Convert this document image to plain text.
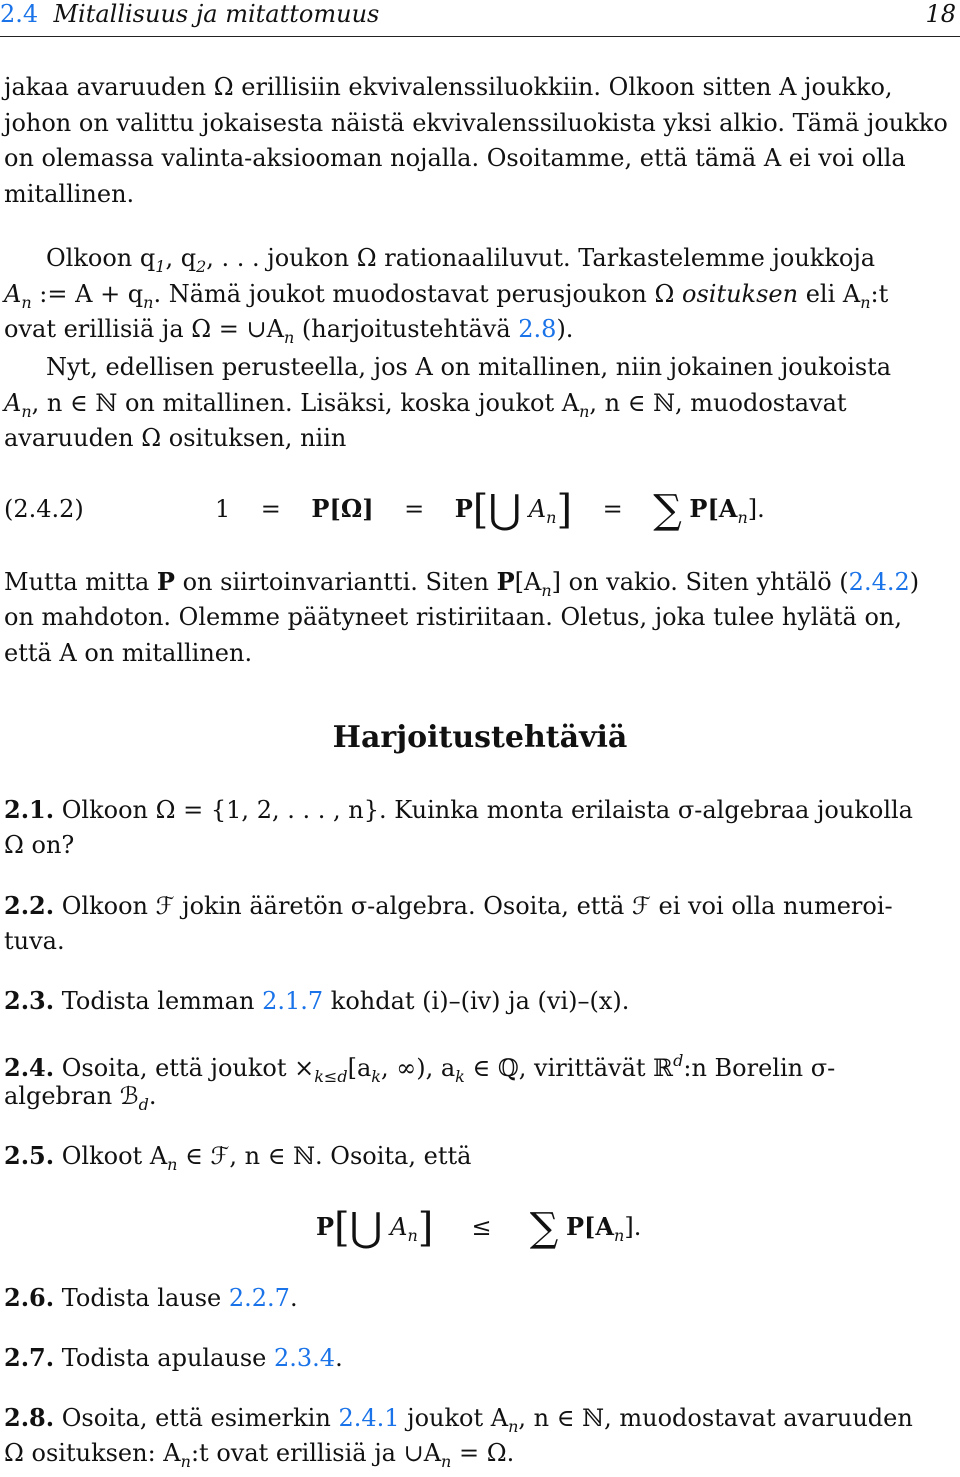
2.4 Mitallisuus ja mitattomuus	18
jakaa avaruuden Ω erillisiin ekvivalenssiluokkiin. Olkoon sitten A joukko,
johon on valittu jokaisesta näistä ekvivalenssiluokista yksi alkio. Tämä joukko
on olemassa valinta-aksiooman nojalla. Osoitamme, että tämä A ei voi olla
mitallinen.
Olkoon $q_1$, $q_2$, . . . joukon Ω rationaaliluvut. Tarkastelemme joukkoja
$A_n$ := $A + q_n$. Nämä joukot muodostavat perusjoukon Ω osituksen eli $A_n:t$
ovat erillisiä ja $\Omega = \cup A_n$ (harjoitustehtävä 2.8).
Nyt, edellisen perusteella, jos A on mitallinen, niin jokainen joukoista
$A_n$, n ∈ ℕ on mitallinen. Lisäksi, koska joukot $A_n$, n ∈ ℕ, muodostavat
avaruuden Ω osituksen, niin
(2.4.2)	1 = P[Ω] = P[⋃ $A_n$] = ∑ $P[A_n]$.
Mutta mitta P on siirtoinvariantti. Siten $P[A_n]$ on vakio. Siten yhtälö (2.4.2)
on mahdoton. Olemme päätyneet ristiriitaan. Oletus, joka tulee hylätä on,
että A on mitallinen.
Harjoitustehtäviä
2.1. Olkoon Ω = {1, 2, . . . , n}. Kuinka monta erilaista σ-algebraa joukolla
Ω on?
2.2. Olkoon ℱ jokin ääretön σ-algebra. Osoita, että ℱ ei voi olla numeroi-
tuva.
2.3. Todista lemman 2.1.7 kohdat (i)–(iv) ja (vi)–(x).
2.4. Osoita, että joukot $\times_{k\le d}[a_k$, ∞), $a_k$ ∈ ℚ, virittävät ℝ$^d$:n Borelin σ-
algebran ℬ$_d$.
2.5. Olkoot $A_n$ ∈ ℱ, n ∈ ℕ. Osoita, että
P[⋃ $A_n$] ≤ ∑ $P[A_n]$.
2.6. Todista lause 2.2.7.
2.7. Todista apulause 2.3.4.
2.8. Osoita, että esimerkin 2.4.1 joukot $A_n$, n ∈ ℕ, muodostavat avaruuden
Ω osituksen: $A_n:t$ ovat erillisiä ja $\cup A_n = \Omega$.
